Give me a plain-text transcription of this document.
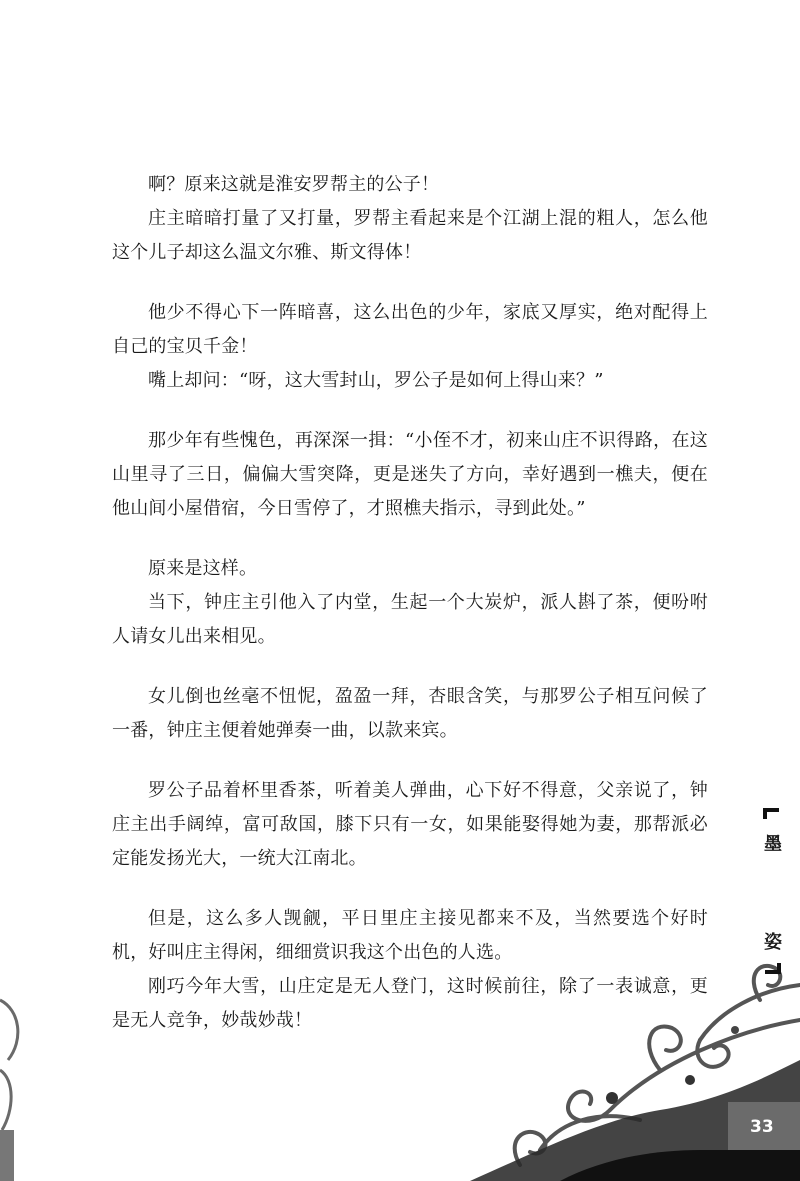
啊？原来这就是淮安罗帮主的公子！

庄主暗暗打量了又打量，罗帮主看起来是个江湖上混的粗人，怎么他这个儿子却这么温文尔雅、斯文得体！

他少不得心下一阵暗喜，这么出色的少年，家底又厚实，绝对配得上自己的宝贝千金！

嘴上却问：“呀，这大雪封山，罗公子是如何上得山来？”

那少年有些愧色，再深深一揖：“小侄不才，初来山庄不识得路，在这山里寻了三日，偏偏大雪突降，更是迷失了方向，幸好遇到一樵夫，便在他山间小屋借宿，今日雪停了，才照樵夫指示，寻到此处。”

原来是这样。

当下，钟庄主引他入了内堂，生起一个大炭炉，派人斟了茶，便吩咐人请女儿出来相见。

女儿倒也丝毫不忸怩，盈盈一拜，杏眼含笑，与那罗公子相互问候了一番，钟庄主便着她弹奏一曲，以款来宾。

罗公子品着杯里香茶，听着美人弹曲，心下好不得意，父亲说了，钟庄主出手阔绰，富可敌国，膝下只有一女，如果能娶得她为妻，那帮派必定能发扬光大，一统大江南北。

但是，这么多人觊觎，平日里庄主接见都来不及，当然要选个好时机，好叫庄主得闲，细细赏识我这个出色的人选。

刚巧今年大雪，山庄定是无人登门，这时候前往，除了一表诚意，更是无人竞争，妙哉妙哉！

墨
姿
33
